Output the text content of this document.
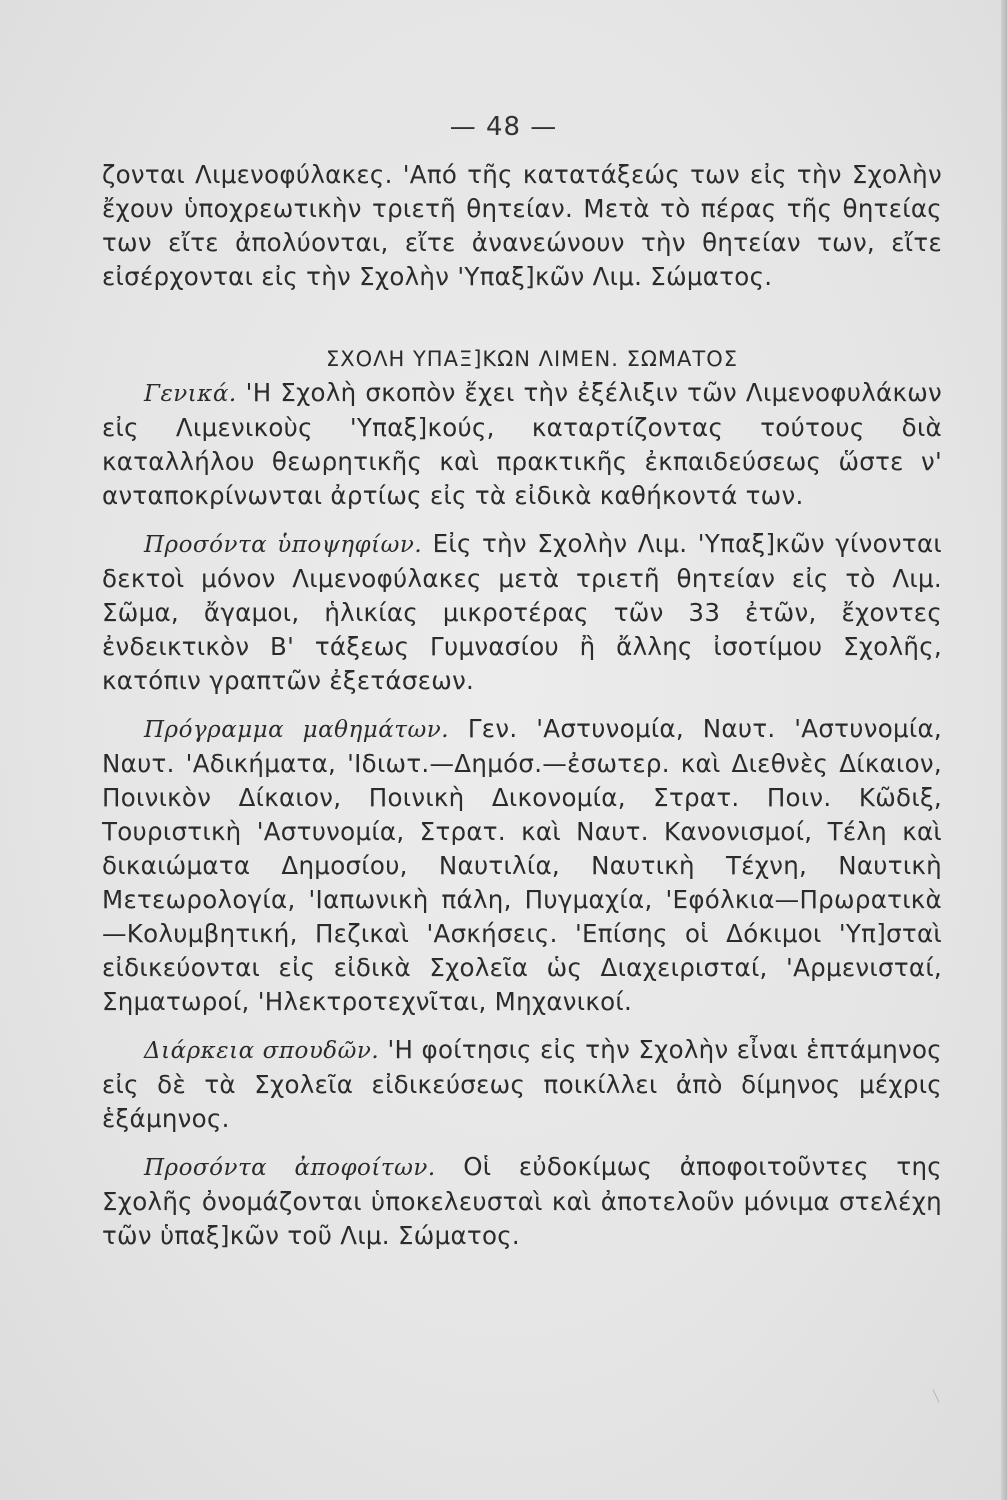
— 48 —

ζονται Λιμενοφύλακες. 'Από τῆς κατατάξεώς των εἰς τὴν Σχολὴν ἔχουν ὑποχρεωτικὴν τριετῆ θητείαν. Μετὰ τὸ πέρας τῆς θητείας των εἴτε ἀπολύονται, εἴτε ἀνανεώνουν τὴν θητείαν των, εἴτε εἰσέρχονται εἰς τὴν Σχολὴν 'Υπαξ]κῶν Λιμ. Σώματος.

ΣΧΟΛΗ ΥΠΑΞ]ΚΩΝ ΛΙΜΕΝ. ΣΩΜΑΤΟΣ

Γενικά. 'Η Σχολὴ σκοπὸν ἔχει τὴν ἐξέλιξιν τῶν Λιμενοφυλάκων εἰς Λιμενικοὺς 'Υπαξ]κούς, καταρτίζοντας τούτους διὰ καταλλήλου θεωρητικῆς καὶ πρακτικῆς ἐκπαιδεύσεως ὥστε ν' ανταποκρίνωνται ἀρτίως εἰς τὰ εἰδικὰ καθήκοντά των.

Προσόντα ὑποψηφίων. Εἰς τὴν Σχολὴν Λιμ. 'Υπαξ]κῶν γίνονται δεκτοὶ μόνον Λιμενοφύλακες μετὰ τριετῆ θητείαν εἰς τὸ Λιμ. Σῶμα, ἄγαμοι, ἡλικίας μικροτέρας τῶν 33 ἐτῶν, ἔχοντες ἐνδεικτικὸν Β' τάξεως Γυμνασίου ἢ ἄλλης ἰσοτίμου Σχολῆς, κατόπιν γραπτῶν ἐξετάσεων.

Πρόγραμμα μαθημάτων. Γεν. 'Αστυνομία, Ναυτ. 'Αστυνομία, Ναυτ. 'Αδικήματα, 'Ιδιωτ.—Δημόσ.—ἐσωτερ. καὶ Διεθνὲς Δίκαιον, Ποινικὸν Δίκαιον, Ποινικὴ Δικονομία, Στρατ. Ποιν. Κῶδιξ, Τουριστικὴ 'Αστυνομία, Στρατ. καὶ Ναυτ. Κανονισμοί, Τέλη καὶ δικαιώματα Δημοσίου, Ναυτιλία, Ναυτικὴ Τέχνη, Ναυτικὴ Μετεωρολογία, 'Ιαπωνικὴ πάλη, Πυγμαχία, 'Εφόλκια—Πρωρατικὰ—Κολυμβητική, Πεζικαὶ 'Ασκήσεις. 'Επίσης οἱ Δόκιμοι 'Υπ]σταὶ εἰδικεύονται εἰς εἰδικὰ Σχολεῖα ὡς Διαχειρισταί, 'Αρμενισταί, Σηματωροί, 'Ηλεκτροτεχνῖται, Μηχανικοί.

Διάρκεια σπουδῶν. 'Η φοίτησις εἰς τὴν Σχολὴν εἶναι ἑπτάμηνος εἰς δὲ τὰ Σχολεῖα εἰδικεύσεως ποικίλλει ἀπὸ δίμηνος μέχρις ἑξάμηνος.

Προσόντα ἀποφοίτων. Οἱ εὐδοκίμως ἀποφοιτοῦντες της Σχολῆς ὀνομάζονται ὑποκελευσταὶ καὶ ἀποτελοῦν μόνιμα στελέχη τῶν ὑπαξ]κῶν τοῦ Λιμ. Σώματος.
